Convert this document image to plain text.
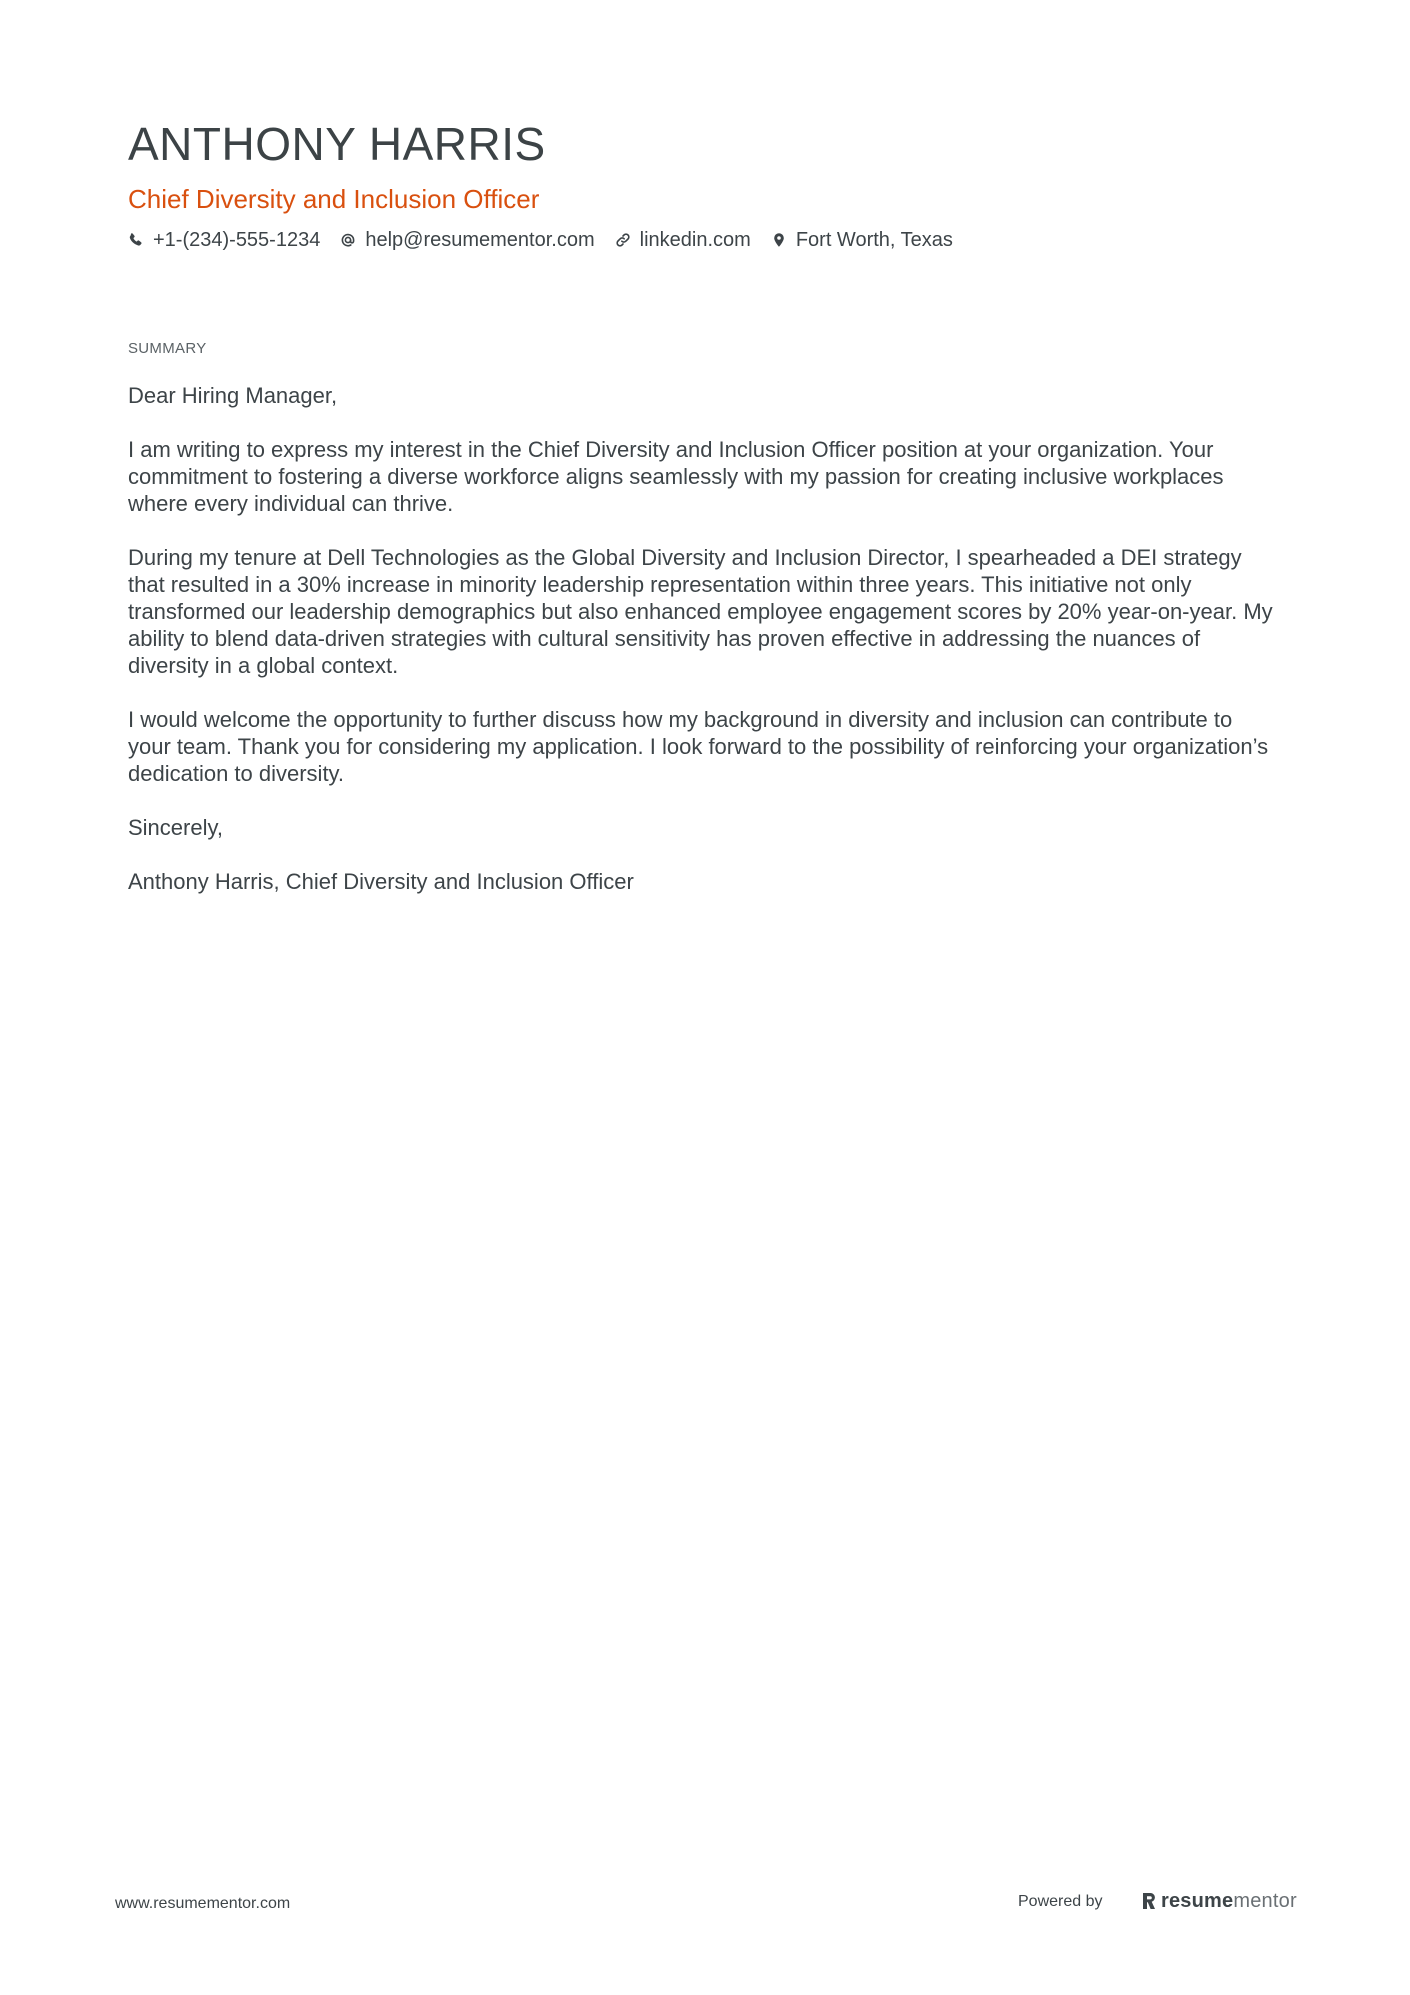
ANTHONY HARRIS
Chief Diversity and Inclusion Officer
+1-(234)-555-1234 help@resumementor.com linkedin.com Fort Worth, Texas
SUMMARY

Dear Hiring Manager,

I am writing to express my interest in the Chief Diversity and Inclusion Officer position at your organization. Your commitment to fostering a diverse workforce aligns seamlessly with my passion for creating inclusive workplaces where every individual can thrive.

During my tenure at Dell Technologies as the Global Diversity and Inclusion Director, I spearheaded a DEI strategy that resulted in a 30% increase in minority leadership representation within three years. This initiative not only transformed our leadership demographics but also enhanced employee engagement scores by 20% year-on-year. My ability to blend data-driven strategies with cultural sensitivity has proven effective in addressing the nuances of diversity in a global context.

I would welcome the opportunity to further discuss how my background in diversity and inclusion can contribute to your team. Thank you for considering my application. I look forward to the possibility of reinforcing your organization’s dedication to diversity.

Sincerely,

Anthony Harris, Chief Diversity and Inclusion Officer

www.resumementor.com	Powered by	resumementor
